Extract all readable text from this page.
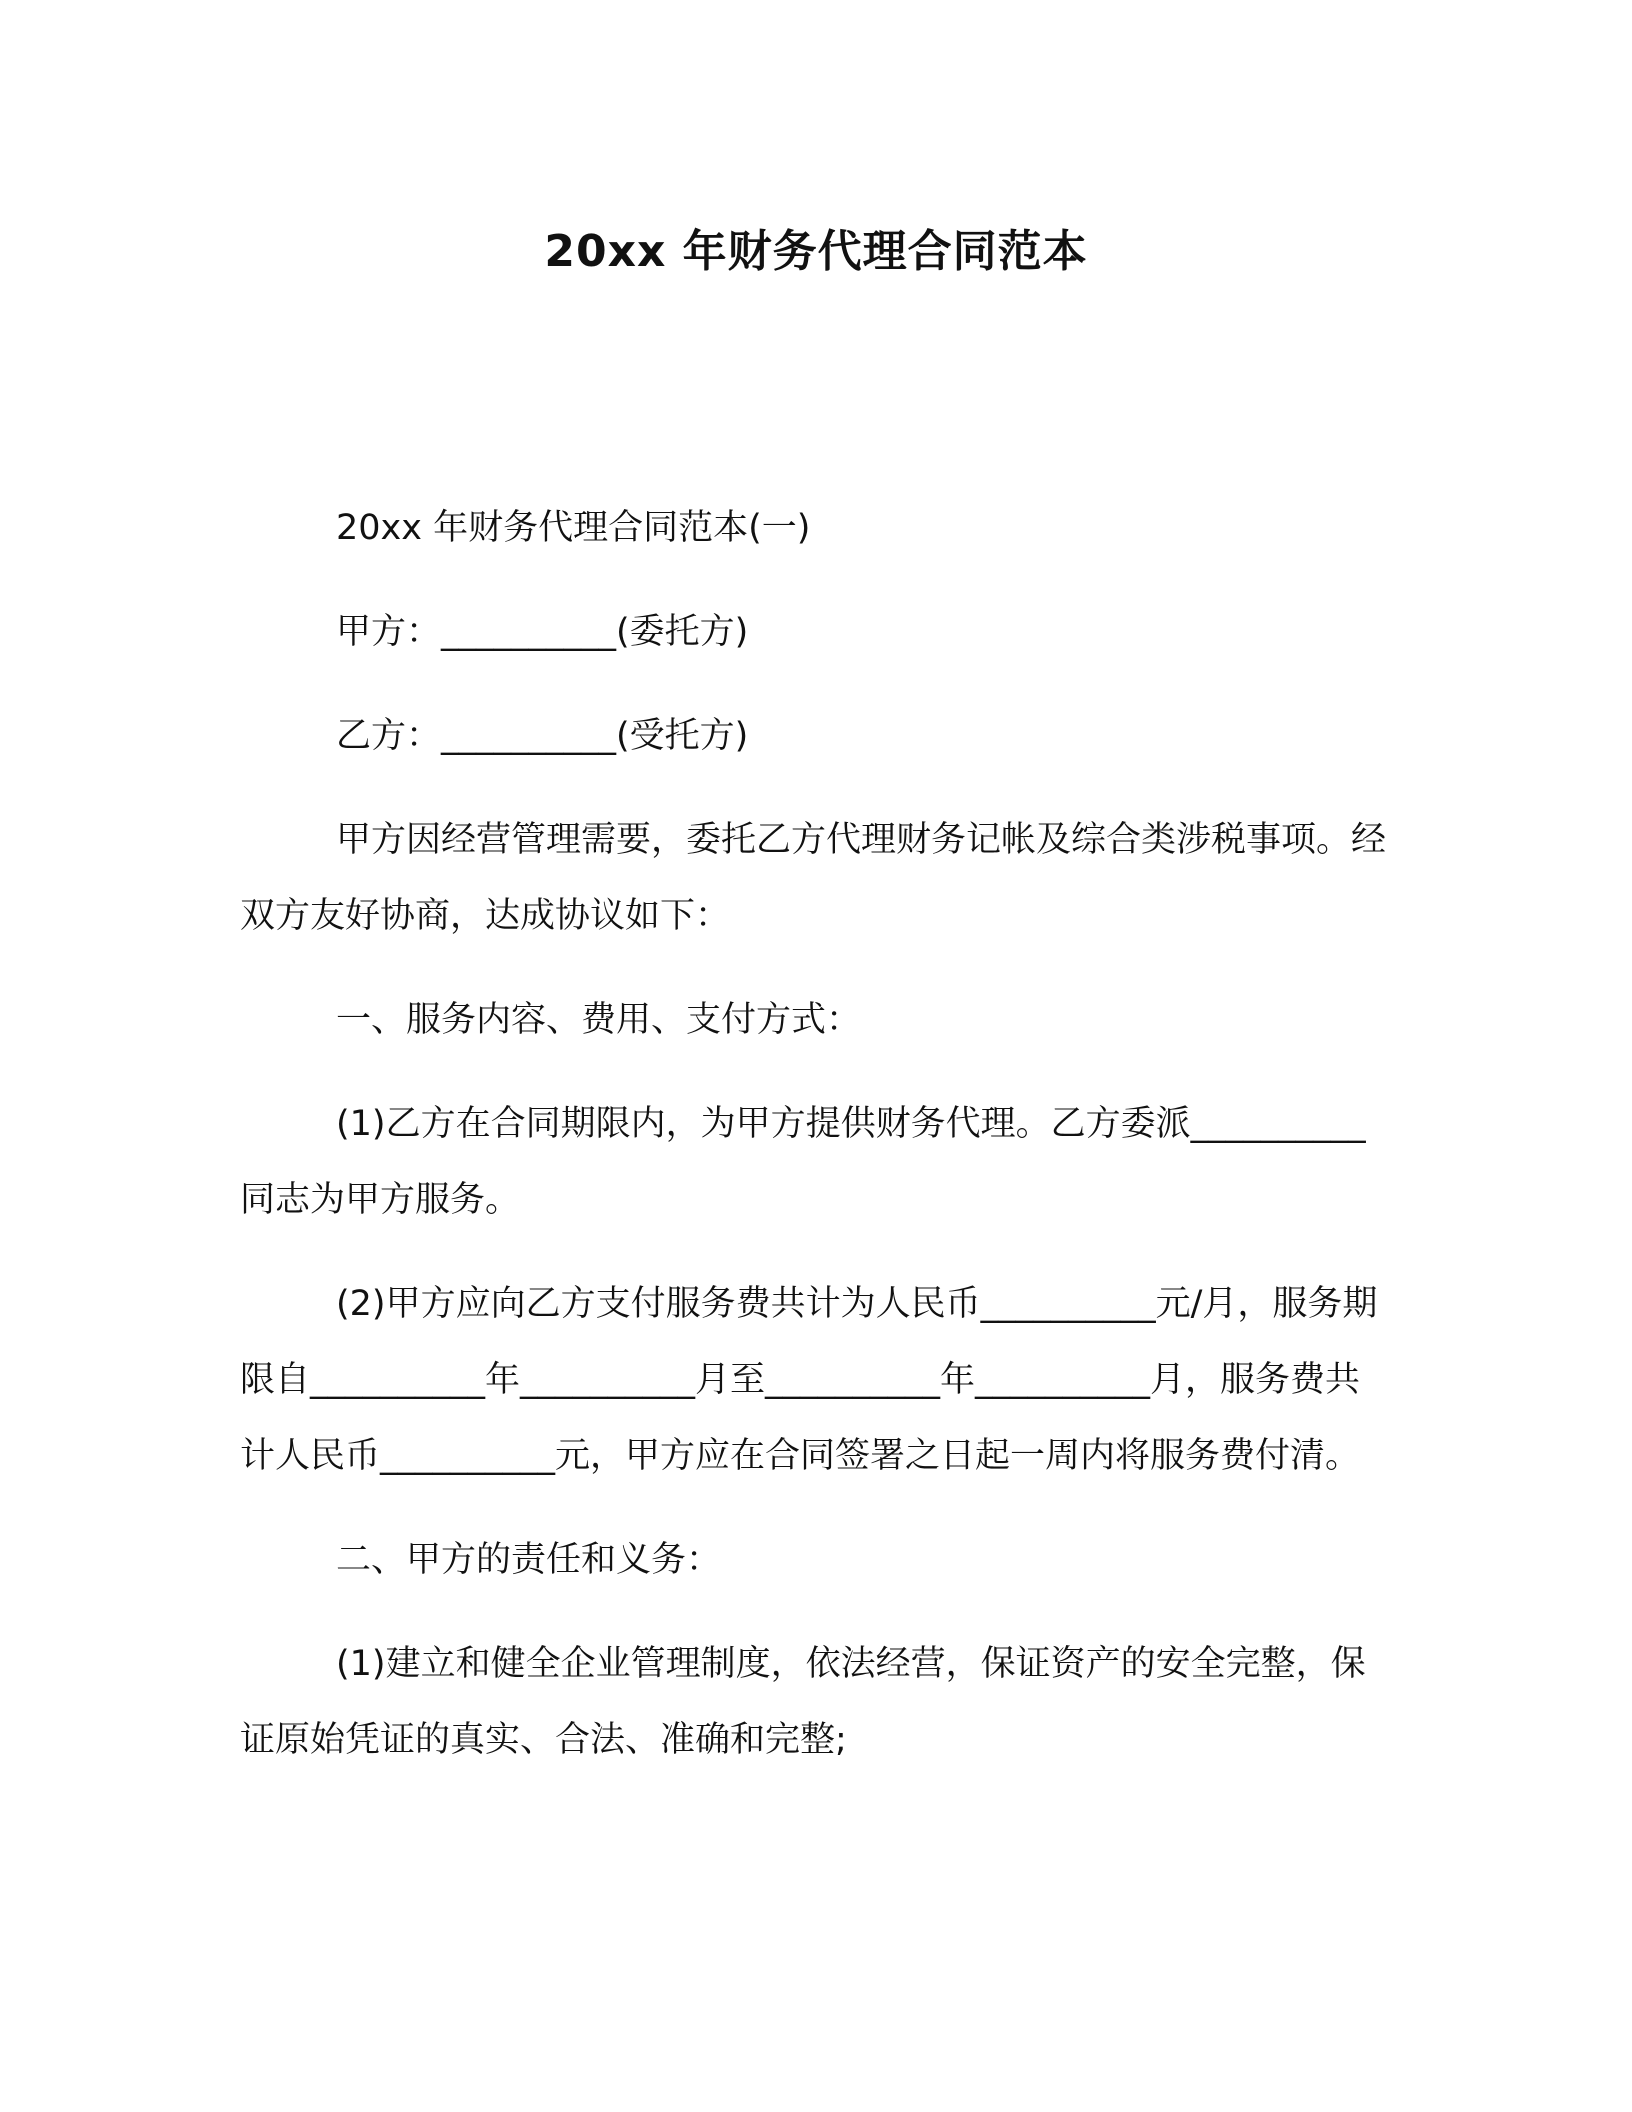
20xx 年财务代理合同范本

20xx 年财务代理合同范本(一)

甲方：__________(委托方)

乙方：__________(受托方)

甲方因经营管理需要，委托乙方代理财务记帐及综合类涉税事项。经双方友好协商，达成协议如下：

一、服务内容、费用、支付方式：

(1)乙方在合同期限内，为甲方提供财务代理。乙方委派__________同志为甲方服务。

(2)甲方应向乙方支付服务费共计为人民币__________元/月，服务期限自__________年__________月至__________年__________月，服务费共计人民币__________元，甲方应在合同签署之日起一周内将服务费付清。

二、甲方的责任和义务：

(1)建立和健全企业管理制度，依法经营，保证资产的安全完整，保证原始凭证的真实、合法、准确和完整;
